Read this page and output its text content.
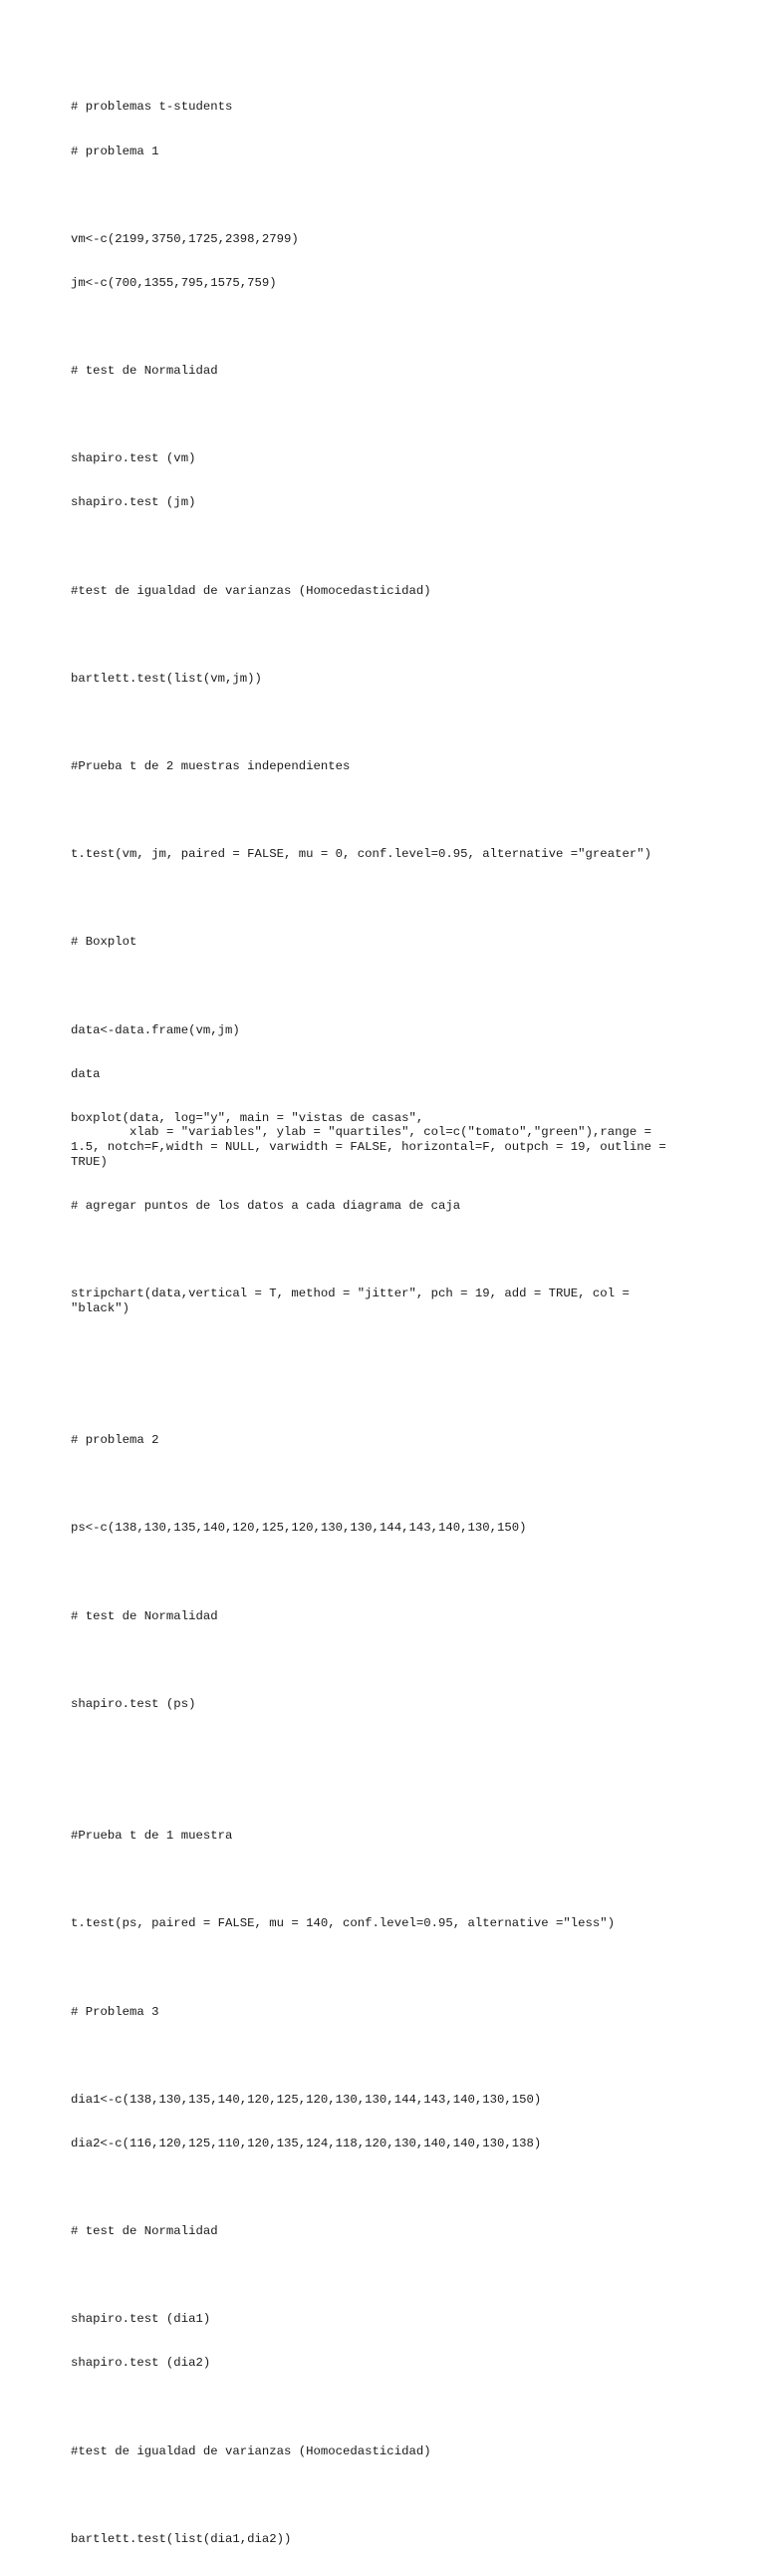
# problemas t-students

# problema 1

vm<-c(2199,3750,1725,2398,2799)

jm<-c(700,1355,795,1575,759)

# test de Normalidad

shapiro.test (vm)

shapiro.test (jm)

#test de igualdad de varianzas (Homocedasticidad)

bartlett.test(list(vm,jm))

#Prueba t de 2 muestras independientes

t.test(vm, jm, paired = FALSE, mu = 0, conf.level=0.95, alternative ="greater")

# Boxplot

data<-data.frame(vm,jm)

data

boxplot(data, log="y", main = "vistas de casas",
xlab = "variables", ylab = "quartiles", col=c("tomato","green"),range =
1.5, notch=F,width = NULL, varwidth = FALSE, horizontal=F, outpch = 19, outline =
TRUE)

# agregar puntos de los datos a cada diagrama de caja

stripchart(data,vertical = T, method = "jitter", pch = 19, add = TRUE, col =
"black")

# problema 2

ps<-c(138,130,135,140,120,125,120,130,130,144,143,140,130,150)

# test de Normalidad

shapiro.test (ps)

#Prueba t de 1 muestra

t.test(ps, paired = FALSE, mu = 140, conf.level=0.95, alternative ="less")

# Problema 3

dia1<-c(138,130,135,140,120,125,120,130,130,144,143,140,130,150)

dia2<-c(116,120,125,110,120,135,124,118,120,130,140,140,130,138)

# test de Normalidad

shapiro.test (dia1)

shapiro.test (dia2)

#test de igualdad de varianzas (Homocedasticidad)

bartlett.test(list(dia1,dia2))
